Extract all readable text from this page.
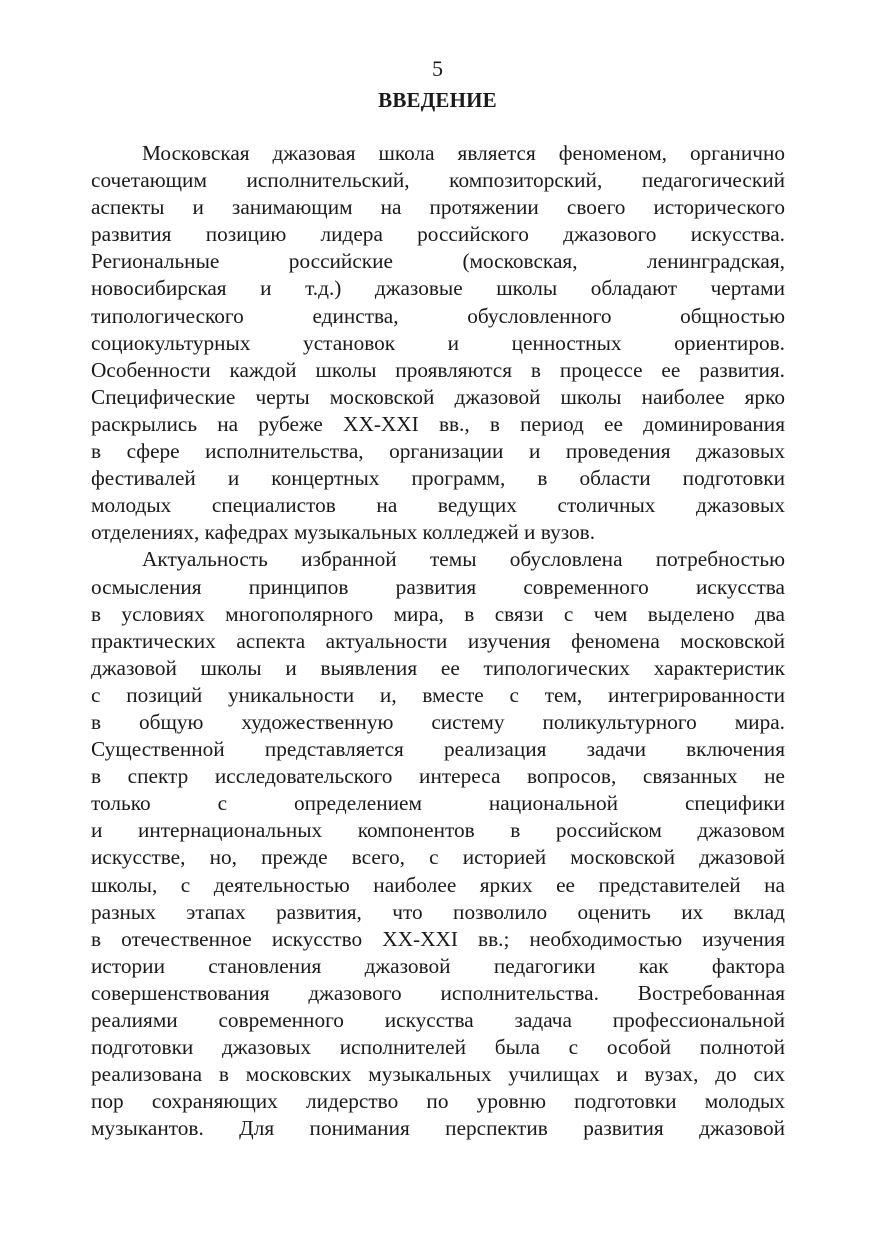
5
ВВЕДЕНИЕ
Московская джазовая школа является феноменом, органично
сочетающим исполнительский, композиторский, педагогический
аспекты и занимающим на протяжении своего исторического
развития позицию лидера российского джазового искусства.
Региональные российские (московская, ленинградская,
новосибирская и т.д.) джазовые школы обладают чертами
типологического единства, обусловленного общностью
социокультурных установок и ценностных ориентиров.
Особенности каждой школы проявляются в процессе ее развития.
Специфические черты московской джазовой школы наиболее ярко
раскрылись на рубеже XX-XXI вв., в период ее доминирования
в сфере исполнительства, организации и проведения джазовых
фестивалей и концертных программ, в области подготовки
молодых специалистов на ведущих столичных джазовых
отделениях, кафедрах музыкальных колледжей и вузов.
Актуальность избранной темы обусловлена потребностью
осмысления принципов развития современного искусства
в условиях многополярного мира, в связи с чем выделено два
практических аспекта актуальности изучения феномена московской
джазовой школы и выявления ее типологических характеристик
с позиций уникальности и, вместе с тем, интегрированности
в общую художественную систему поликультурного мира.
Существенной представляется реализация задачи включения
в спектр исследовательского интереса вопросов, связанных не
только с определением национальной специфики
и интернациональных компонентов в российском джазовом
искусстве, но, прежде всего, с историей московской джазовой
школы, с деятельностью наиболее ярких ее представителей на
разных этапах развития, что позволило оценить их вклад
в отечественное искусство XX-XXI вв.; необходимостью изучения
истории становления джазовой педагогики как фактора
совершенствования джазового исполнительства. Востребованная
реалиями современного искусства задача профессиональной
подготовки джазовых исполнителей была с особой полнотой
реализована в московских музыкальных училищах и вузах, до сих
пор сохраняющих лидерство по уровню подготовки молодых
музыкантов. Для понимания перспектив развития джазовой
